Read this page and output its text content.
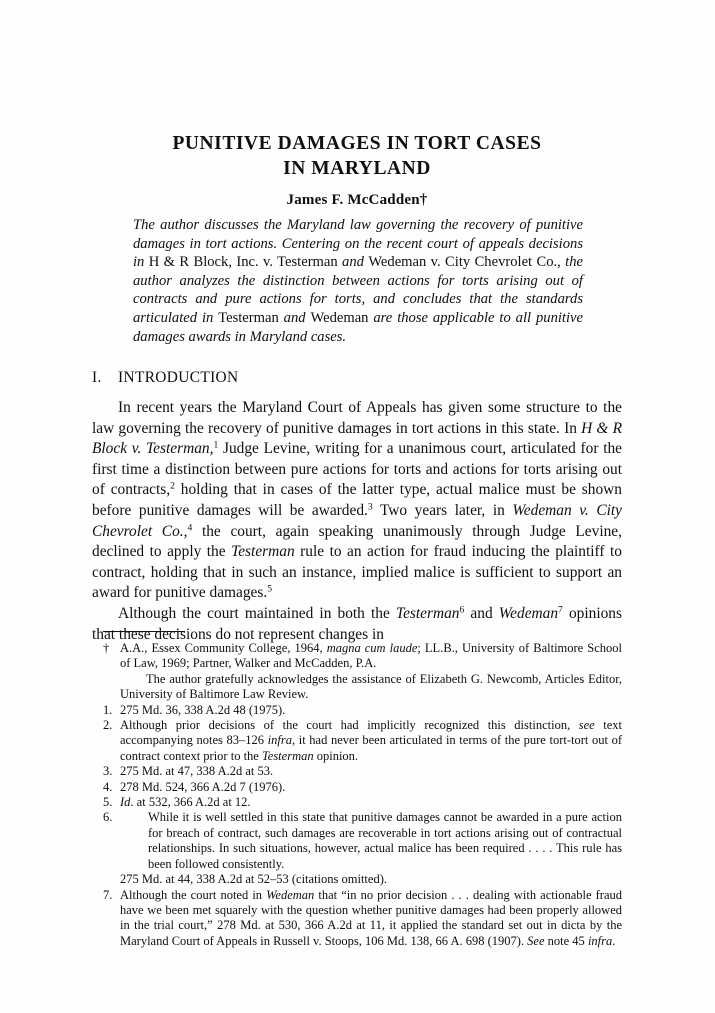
PUNITIVE DAMAGES IN TORT CASES
IN MARYLAND
James F. McCadden†
The author discusses the Maryland law governing the recovery of punitive damages in tort actions. Centering on the recent court of appeals decisions in H & R Block, Inc. v. Testerman and Wedeman v. City Chevrolet Co., the author analyzes the distinction between actions for torts arising out of contracts and pure actions for torts, and concludes that the standards articulated in Testerman and Wedeman are those applicable to all punitive damages awards in Maryland cases.
I. INTRODUCTION

In recent years the Maryland Court of Appeals has given some structure to the law governing the recovery of punitive damages in tort actions in this state. In H & R Block v. Testerman,$^1$ Judge Levine, writing for a unanimous court, articulated for the first time a distinction between pure actions for torts and actions for torts arising out of contracts,$^2$ holding that in cases of the latter type, actual malice must be shown before punitive damages will be awarded.$^3$ Two years later, in Wedeman v. City Chevrolet Co.,$^4$ the court, again speaking unanimously through Judge Levine, declined to apply the Testerman rule to an action for fraud inducing the plaintiff to contract, holding that in such an instance, implied malice is sufficient to support an award for punitive damages.$^5$

Although the court maintained in both the Testerman$^6$ and Wedeman$^7$ opinions that these decisions do not represent changes in

† A.A., Essex Community College, 1964, magna cum laude; LL.B., University of Baltimore School of Law, 1969; Partner, Walker and McCadden, P.A.

The author gratefully acknowledges the assistance of Elizabeth G. Newcomb, Articles Editor, University of Baltimore Law Review.

1. 275 Md. 36, 338 A.2d 48 (1975).

2. Although prior decisions of the court had implicitly recognized this distinction, see text accompanying notes 83–126 infra, it had never been articulated in terms of the pure tort-tort out of contract context prior to the Testerman opinion.

3. 275 Md. at 47, 338 A.2d at 53.

4. 278 Md. 524, 366 A.2d 7 (1976).

5. Id. at 532, 366 A.2d at 12.

6.	While it is well settled in this state that punitive damages cannot be awarded in a pure action for breach of contract, such damages are recoverable in tort actions arising out of contractual relationships. In such situations, however, actual malice has been required . . . . This rule has been followed consistently.

275 Md. at 44, 338 A.2d at 52–53 (citations omitted).

7. Although the court noted in Wedeman that “in no prior decision . . . dealing with actionable fraud have we been met squarely with the question whether punitive damages had been properly allowed in the trial court,” 278 Md. at 530, 366 A.2d at 11, it applied the standard set out in dicta by the Maryland Court of Appeals in Russell v. Stoops, 106 Md. 138, 66 A. 698 (1907). See note 45 infra.
